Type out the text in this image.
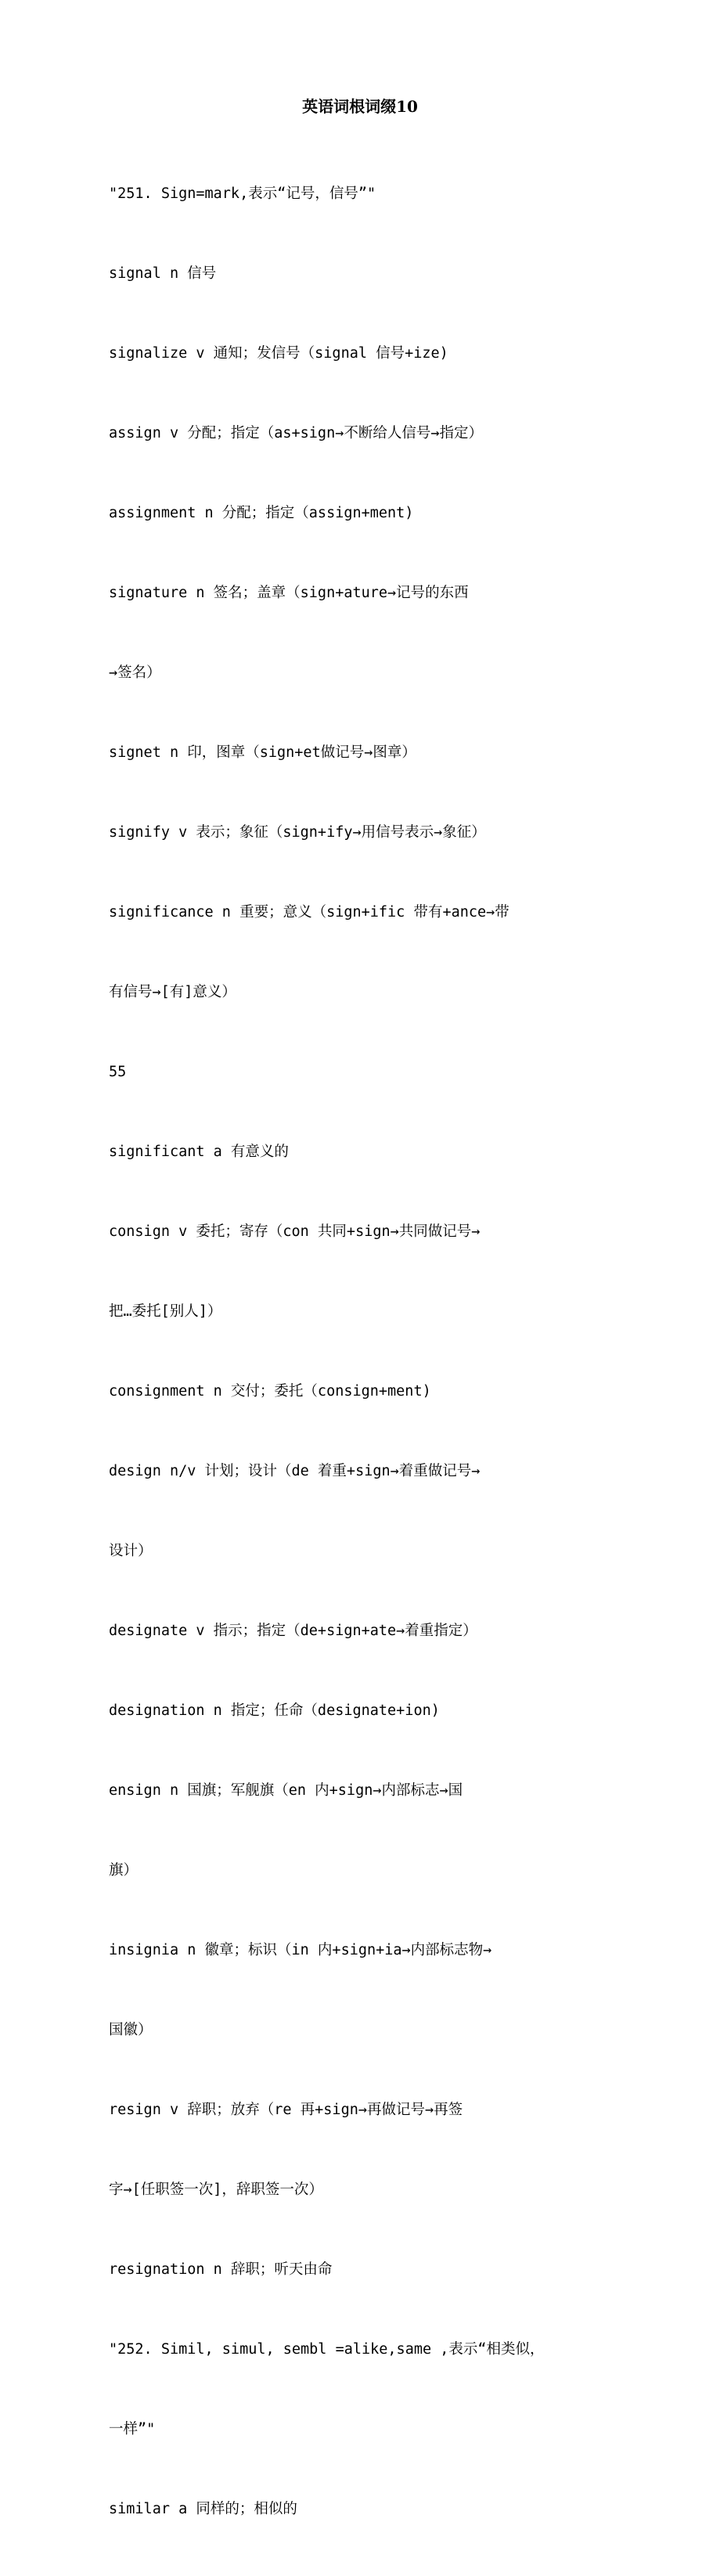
英语词根词缀10

"251. Sign=mark,表示“记号，信号”"

signal n 信号

signalize v 通知；发信号（signal 信号+ize)

assign v 分配；指定（as+sign→不断给人信号→指定）

assignment n 分配；指定（assign+ment)

signature n 签名；盖章（sign+ature→记号的东西

→签名）

signet n 印，图章（sign+et做记号→图章）

signify v 表示；象征（sign+ify→用信号表示→象征）

significance n 重要；意义（sign+ific 带有+ance→带

有信号→[有]意义）

55

significant a 有意义的

consign v 委托；寄存（con 共同+sign→共同做记号→

把…委托[别人]）

consignment n 交付；委托（consign+ment)

design n/v 计划；设计（de 着重+sign→着重做记号→

设计）

designate v 指示；指定（de+sign+ate→着重指定）

designation n 指定；任命（designate+ion)

ensign n 国旗；军舰旗（en 内+sign→内部标志→国

旗）

insignia n 徽章；标识（in 内+sign+ia→内部标志物→

国徽）

resign v 辞职；放弃（re 再+sign→再做记号→再签

字→[任职签一次]，辞职签一次）

resignation n 辞职；听天由命

"252. Simil, simul, sembl =alike,same ,表示“相类似，

一样”"

similar a 同样的；相似的
